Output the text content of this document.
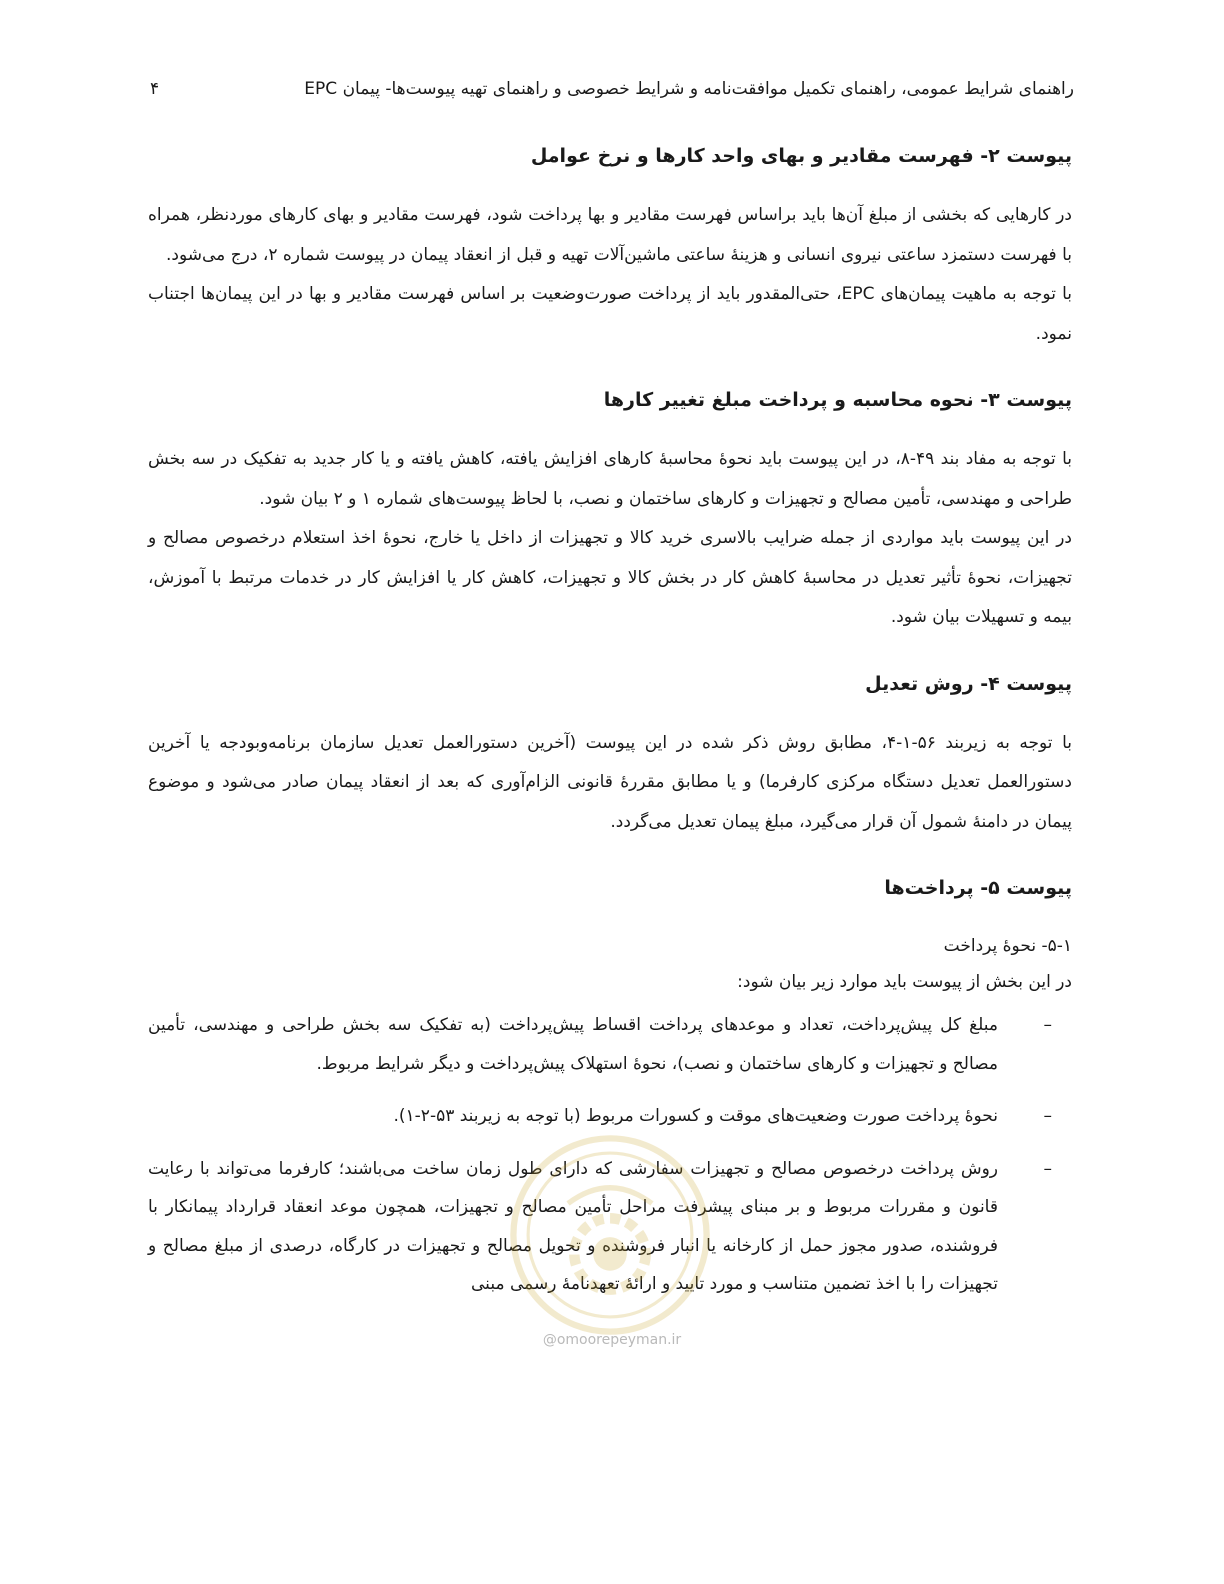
راهنمای شرایط عمومی، راهنمای تکمیل موافقت‌نامه و شرایط خصوصی و راهنمای تهیه پیوست‌ها- پیمان EPC
۴
پیوست ۲- فهرست مقادیر و بهای واحد کارها و نرخ عوامل

در کارهایی که بخشی از مبلغ آن‌ها باید براساس فهرست مقادیر و بها پرداخت شود، فهرست مقادیر و بهای کارهای موردنظر، همراه با فهرست دستمزد ساعتی نیروی انسانی و هزینهٔ ساعتی ماشین‌آلات تهیه و قبل از انعقاد پیمان در پیوست شماره ۲، درج می‌شود.

با توجه به ماهیت پیمان‌های EPC، حتی‌المقدور باید از پرداخت صورت‌وضعیت بر اساس فهرست مقادیر و بها در این پیمان‌ها اجتناب نمود.

پیوست ۳- نحوه محاسبه و پرداخت مبلغ تغییر کارها

با توجه به مفاد بند ۴۹-۸، در این پیوست باید نحوهٔ محاسبهٔ کارهای افزایش یافته، کاهش یافته و یا کار جدید به تفکیک در سه بخش طراحی و مهندسی، تأمین مصالح و تجهیزات و کارهای ساختمان و نصب، با لحاظ پیوست‌های شماره ۱ و ۲ بیان شود.

در این پیوست باید مواردی از جمله ضرایب بالاسری خرید کالا و تجهیزات از داخل یا خارج، نحوهٔ اخذ استعلام درخصوص مصالح و تجهیزات، نحوهٔ تأثیر تعدیل در محاسبهٔ کاهش کار در بخش کالا و تجهیزات، کاهش کار یا افزایش کار در خدمات مرتبط با آموزش، بیمه و تسهیلات بیان شود.

پیوست ۴- روش تعدیل

با توجه به زیربند ۵۶-۱-۴، مطابق روش ذکر شده در این پیوست (آخرین دستورالعمل تعدیل سازمان برنامه‌وبودجه یا آخرین دستورالعمل تعدیل دستگاه مرکزی کارفرما) و یا مطابق مقررهٔ قانونی الزام‌آوری که بعد از انعقاد پیمان صادر می‌شود و موضوع پیمان در دامنهٔ شمول آن قرار می‌گیرد، مبلغ پیمان تعدیل می‌گردد.

پیوست ۵- پرداخت‌ها

۵-۱- نحوهٔ پرداخت

در این بخش از پیوست باید موارد زیر بیان شود:

– مبلغ کل پیش‌پرداخت، تعداد و موعدهای پرداخت اقساط پیش‌پرداخت (به تفکیک سه بخش طراحی و مهندسی، تأمین مصالح و تجهیزات و کارهای ساختمان و نصب)، نحوهٔ استهلاک پیش‌پرداخت و دیگر شرایط مربوط.
– نحوهٔ پرداخت صورت وضعیت‌های موقت و کسورات مربوط (با توجه به زیربند ۵۳-۲-۱).
– روش پرداخت درخصوص مصالح و تجهیزات سفارشی که دارای طول زمان ساخت می‌باشند؛ کارفرما می‌تواند با رعایت قانون و مقررات مربوط و بر مبنای پیشرفت مراحل تأمین مصالح و تجهیزات، همچون موعد انعقاد قرارداد پیمانکار با فروشنده، صدور مجوز حمل از کارخانه یا انبار فروشنده و تحویل مصالح و تجهیزات در کارگاه، درصدی از مبلغ مصالح و تجهیزات را با اخذ تضمین متناسب و مورد تایید و ارائهٔ تعهدنامهٔ رسمی مبنی
@omoorepeyman.ir
